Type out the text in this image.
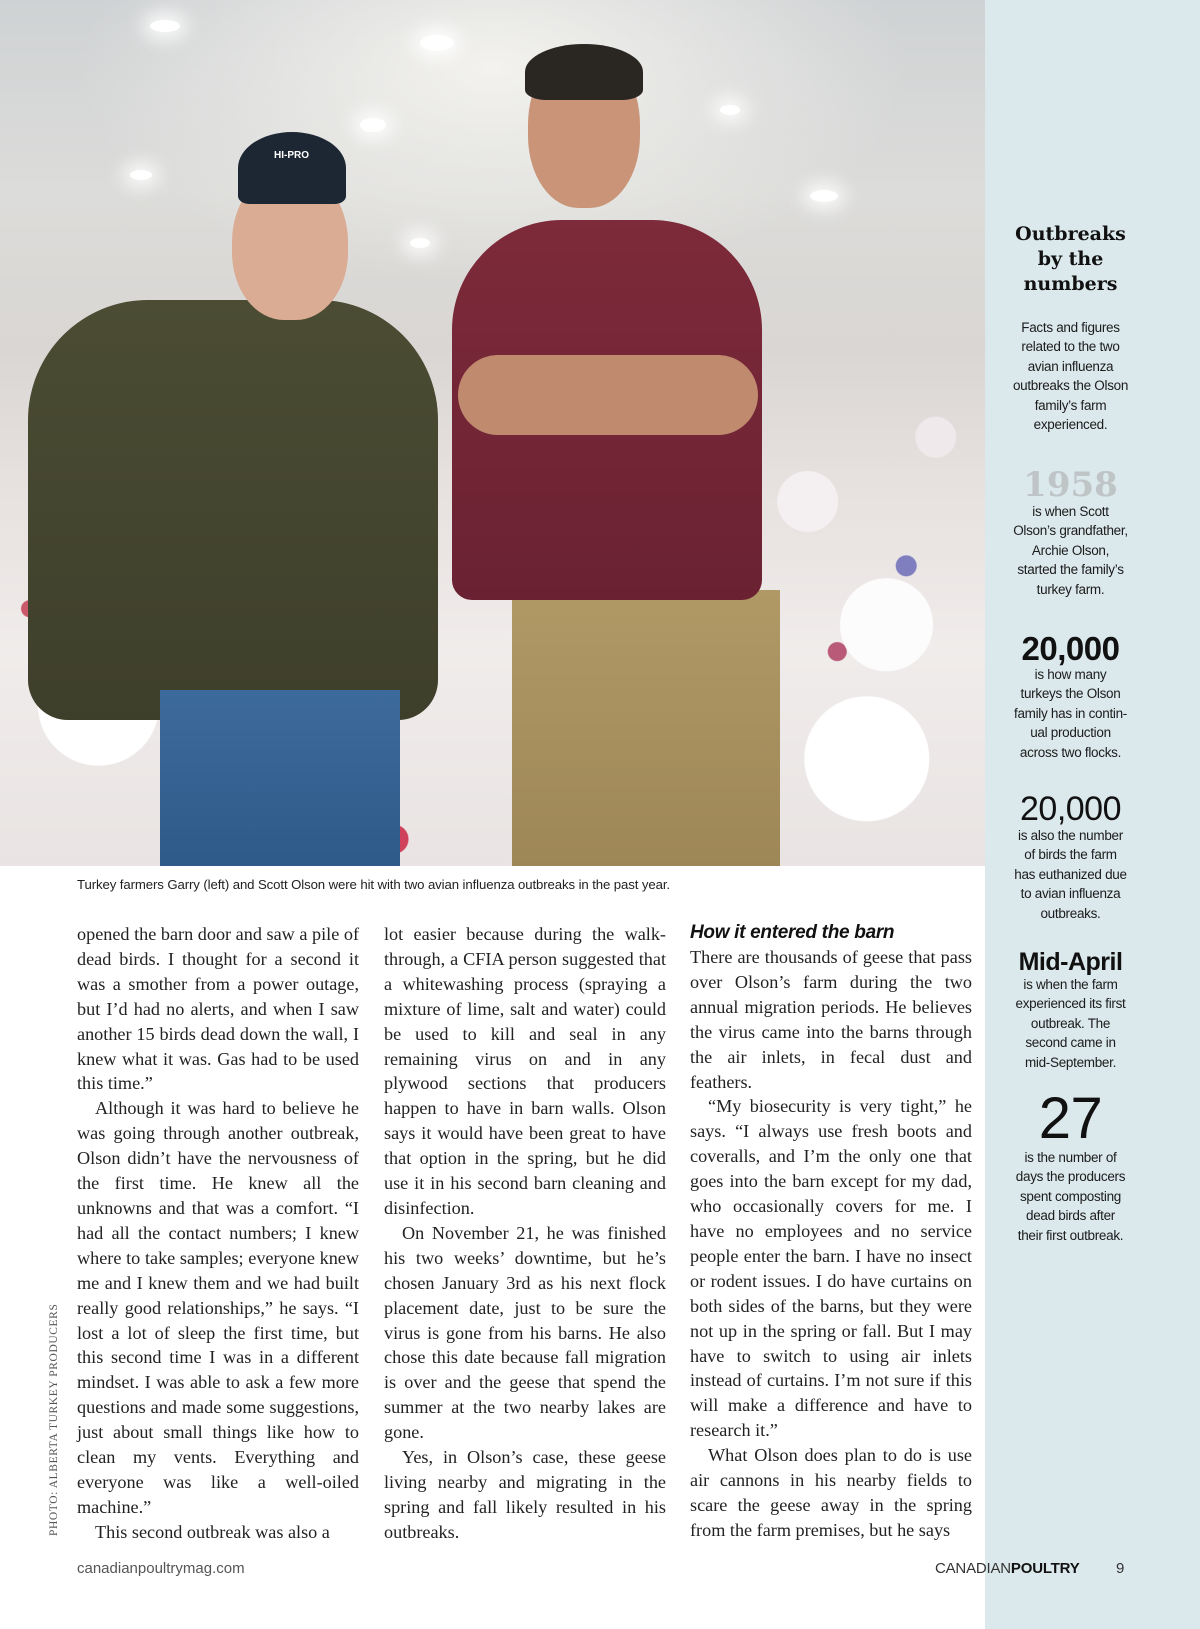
HI-PRO
Turkey farmers Garry (left) and Scott Olson were hit with two avian influenza outbreaks in the past year.
Outbreaks
by the
numbers
Facts and figures
related to the two
avian influenza
outbreaks the Olson
family’s farm
experienced.
1958
is when Scott
Olson’s grandfather,
Archie Olson,
started the family’s
turkey farm.
20,000
is how many
turkeys the Olson
family has in contin-
ual production
across two flocks.
20,000
is also the number
of birds the farm
has euthanized due
to avian influenza
outbreaks.
Mid-April
is when the farm
experienced its first
outbreak. The
second came in
mid-September.
27
is the number of
days the producers
spent composting
dead birds after
their first outbreak.

opened the barn door and saw a pile of dead birds. I thought for a second it was a smother from a power outage, but I’d had no alerts, and when I saw another 15 birds dead down the wall, I knew what it was. Gas had to be used this time.”

Although it was hard to believe he was going through another outbreak, Olson didn’t have the nervousness of the first time. He knew all the unknowns and that was a comfort. “I had all the contact numbers; I knew where to take samples; everyone knew me and I knew them and we had built really good relationships,” he says. “I lost a lot of sleep the first time, but this second time I was in a different mindset. I was able to ask a few more questions and made some suggestions, just about small things like how to clean my vents. Everything and everyone was like a well-oiled machine.”

This second outbreak was also a

lot easier because during the walk-through, a CFIA person suggested that a whitewashing process (spraying a mixture of lime, salt and water) could be used to kill and seal in any remaining virus on and in any plywood sections that producers happen to have in barn walls. Olson says it would have been great to have that option in the spring, but he did use it in his second barn cleaning and disinfection.

On November 21, he was finished his two weeks’ downtime, but he’s chosen January 3rd as his next flock placement date, just to be sure the virus is gone from his barns. He also chose this date because fall migration is over and the geese that spend the summer at the two nearby lakes are gone.

Yes, in Olson’s case, these geese living nearby and migrating in the spring and fall likely resulted in his outbreaks.

How it entered the barn

There are thousands of geese that pass over Olson’s farm during the two annual migration periods. He believes the virus came into the barns through the air inlets, in fecal dust and feathers.

“My biosecurity is very tight,” he says. “I always use fresh boots and coveralls, and I’m the only one that goes into the barn except for my dad, who occasionally covers for me. I have no employees and no service people enter the barn. I have no insect or rodent issues. I do have curtains on both sides of the barns, but they were not up in the spring or fall. But I may have to switch to using air inlets instead of curtains. I’m not sure if this will make a difference and have to research it.”

What Olson does plan to do is use air cannons in his nearby fields to scare the geese away in the spring from the farm premises, but he says

PHOTO: ALBERTA TURKEY PRODUCERS
canadianpoultrymag.com	CANADIANPOULTRY 9
